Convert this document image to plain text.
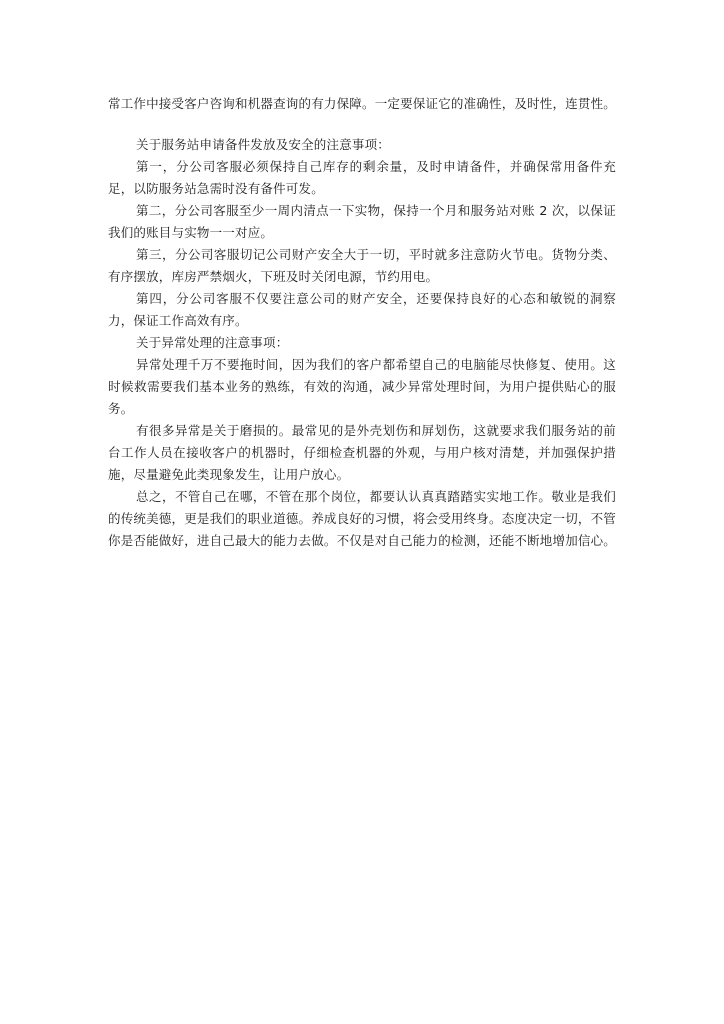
常工作中接受客户咨询和机器查询的有力保障。一定要保证它的准确性，及时性，连贯性。

关于服务站申请备件发放及安全的注意事项：

第一，分公司客服必须保持自己库存的剩余量，及时申请备件，并确保常用备件充足，以防服务站急需时没有备件可发。

第二，分公司客服至少一周内清点一下实物，保持一个月和服务站对账 2 次，以保证我们的账目与实物一一对应。

第三，分公司客服切记公司财产安全大于一切，平时就多注意防火节电。货物分类、有序摆放，库房严禁烟火，下班及时关闭电源，节约用电。

第四，分公司客服不仅要注意公司的财产安全，还要保持良好的心态和敏锐的洞察力，保证工作高效有序。

关于异常处理的注意事项：

异常处理千万不要拖时间，因为我们的客户都希望自己的电脑能尽快修复、使用。这时候救需要我们基本业务的熟练，有效的沟通，减少异常处理时间，为用户提供贴心的服务。

有很多异常是关于磨损的。最常见的是外壳划伤和屏划伤，这就要求我们服务站的前台工作人员在接收客户的机器时，仔细检查机器的外观，与用户核对清楚，并加强保护措施，尽量避免此类现象发生，让用户放心。

总之，不管自己在哪，不管在那个岗位，都要认认真真踏踏实实地工作。敬业是我们的传统美德，更是我们的职业道德。养成良好的习惯，将会受用终身。态度决定一切，不管你是否能做好，进自己最大的能力去做。不仅是对自己能力的检测，还能不断地增加信心。
